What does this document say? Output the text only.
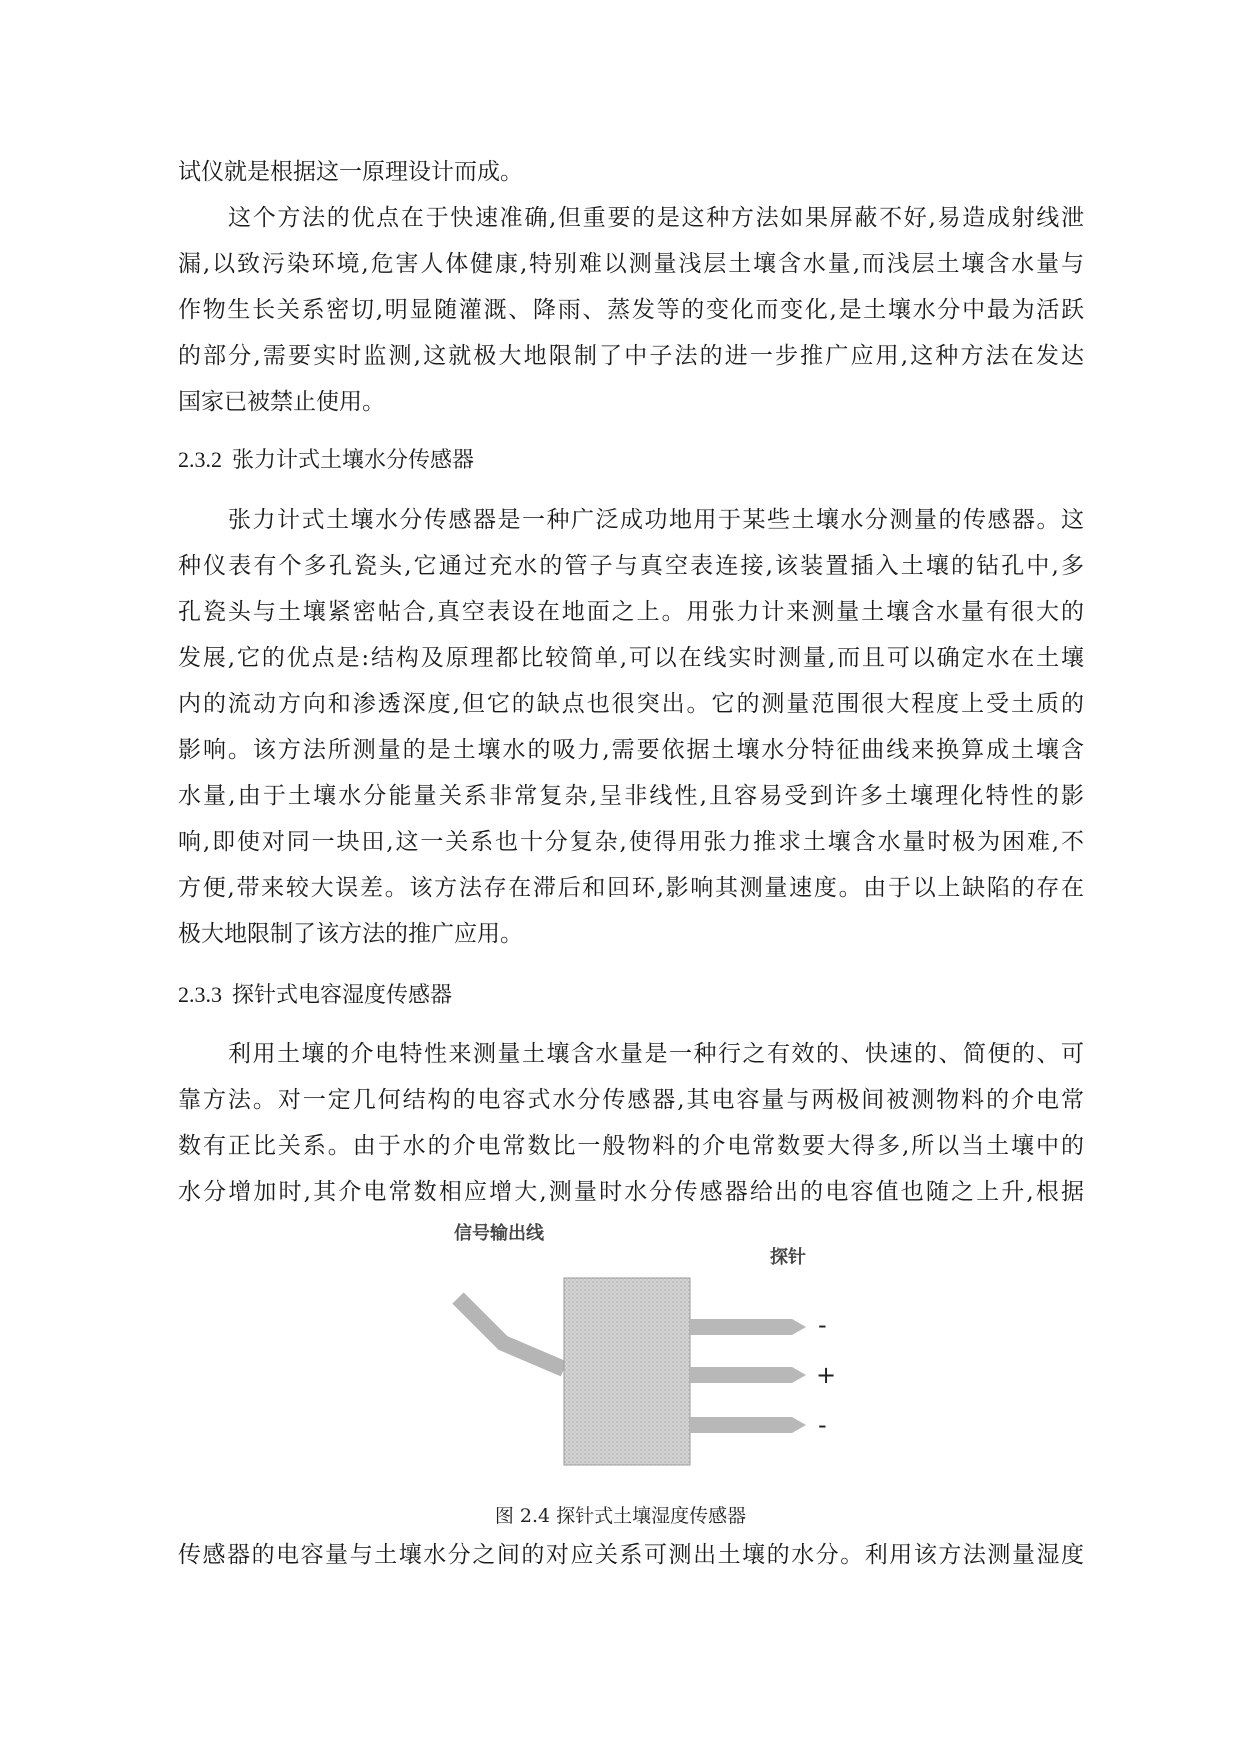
试仪就是根据这一原理设计而成。
这个方法的优点在于快速准确,但重要的是这种方法如果屏蔽不好,易造成射线泄
漏,以致污染环境,危害人体健康,特别难以测量浅层土壤含水量,而浅层土壤含水量与
作物生长关系密切,明显随灌溉、降雨、蒸发等的变化而变化,是土壤水分中最为活跃
的部分,需要实时监测,这就极大地限制了中子法的进一步推广应用,这种方法在发达
国家已被禁止使用。
2.3.2 张力计式土壤水分传感器
张力计式土壤水分传感器是一种广泛成功地用于某些土壤水分测量的传感器。这
种仪表有个多孔瓷头,它通过充水的管子与真空表连接,该装置插入土壤的钻孔中,多
孔瓷头与土壤紧密帖合,真空表设在地面之上。用张力计来测量土壤含水量有很大的
发展,它的优点是:结构及原理都比较简单,可以在线实时测量,而且可以确定水在土壤
内的流动方向和渗透深度,但它的缺点也很突出。它的测量范围很大程度上受土质的
影响。该方法所测量的是土壤水的吸力,需要依据土壤水分特征曲线来换算成土壤含
水量,由于土壤水分能量关系非常复杂,呈非线性,且容易受到许多土壤理化特性的影
响,即使对同一块田,这一关系也十分复杂,使得用张力推求土壤含水量时极为困难,不
方便,带来较大误差。该方法存在滞后和回环,影响其测量速度。由于以上缺陷的存在
极大地限制了该方法的推广应用。
2.3.3 探针式电容湿度传感器
利用土壤的介电特性来测量土壤含水量是一种行之有效的、快速的、简便的、可
靠方法。对一定几何结构的电容式水分传感器,其电容量与两极间被测物料的介电常
数有正比关系。由于水的介电常数比一般物料的介电常数要大得多,所以当土壤中的
水分增加时,其介电常数相应增大,测量时水分传感器给出的电容值也随之上升,根据
信号输出线
探针
-
+
-
图 2.4 探针式土壤湿度传感器
传感器的电容量与土壤水分之间的对应关系可测出土壤的水分。利用该方法测量湿度
